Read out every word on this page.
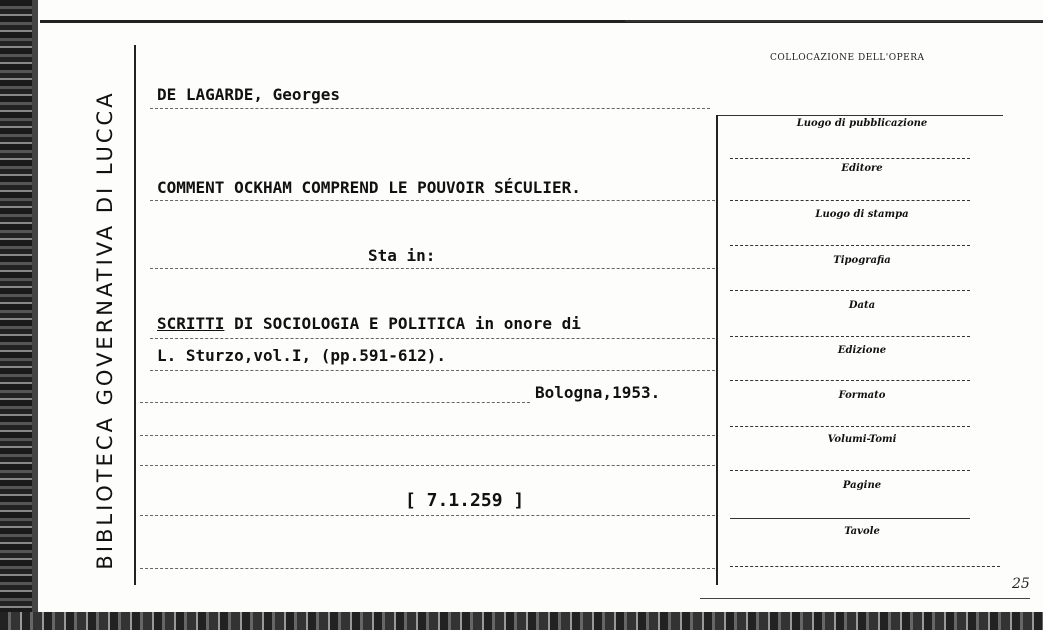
BIBLIOTECA GOVERNATIVA DI LUCCA	DE LAGARDE, Georges
COMMENT OCKHAM COMPREND LE POUVOIR SÉCULIER.
Sta in:
SCRITTI DI SOCIOLOGIA E POLITICA in onore di
L. Sturzo,vol.I, (pp.591-612).
Bologna,1953.
[ 7.1.259 ]
COLLOCAZIONE DELL'OPERA
Luogo di pubblicazione
Editore
Luogo di stampa
Tipografia
Data
Edizione
Formato
Volumi-Tomi
Pagine
Tavole
25
